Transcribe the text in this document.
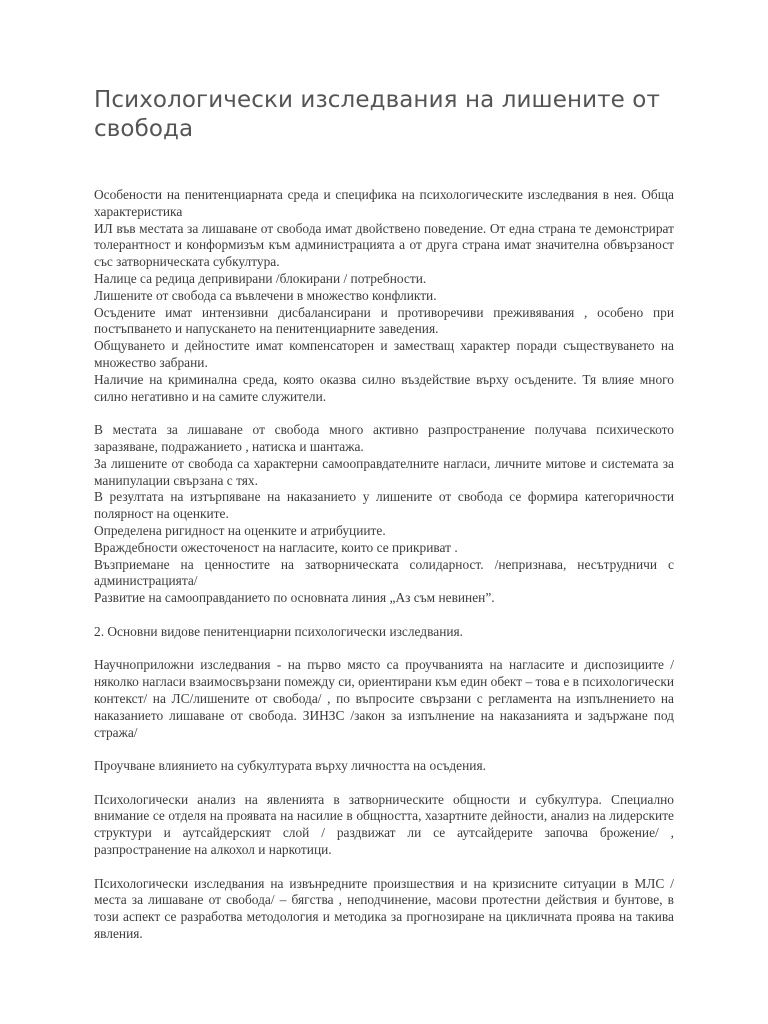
Психологически изследвания на лишените от свобода

Особености на пенитенциарната среда и специфика на психологическите изследвания в нея. Обща характеристика

ИЛ във местата за лишаване от свобода имат двойствено поведение. От една страна те демонстрират толерантност и конформизъм към администрацията а от друга страна имат значителна обвързаност със затворническата субкултура.

Налице са редица депривирани /блокирани / потребности.

Лишените от свобода са въвлечени в множество конфликти.

Осъдените имат интензивни дисбалансирани и противоречиви преживявания , особено при постъпването и напускането на пенитенциарните заведения.

Общуването и дейностите имат компенсаторен и заместващ характер поради съществуването на множество забрани.

Наличие на криминална среда, която оказва силно въздействие върху осъдените. Тя влияе много силно негативно и на самите служители.

В местата за лишаване от свобода много активно разпространение получава психическото заразяване, подражанието , натиска и шантажа.

За лишените от свобода са характерни самооправдателните нагласи, личните митове и системата за манипулации свързана с тях.

В резултата на изтърпяване на наказанието у лишените от свобода се формира категоричности полярност на оценките.

Определена ригидност на оценките и атрибуциите.

Враждебности ожесточеност на нагласите, които се прикриват .

Възприемане на ценностите на затворническата солидарност. /непризнава, несътрудничи с администрацията/

Развитие на самооправданието по основната линия „Аз съм невинен”.

2. Основни видове пенитенциарни психологически изследвания.

Научноприложни изследвания - на първо място са проучванията на нагласите и диспозициите /няколко нагласи взаимосвързани помежду си, ориентирани към един обект – това е в психологически контекст/ на ЛС/лишените от свобода/ , по въпросите свързани с регламента на изпълнението на наказанието лишаване от свобода. ЗИНЗС /закон за изпълнение на наказанията и задържане под стража/

Проучване влиянието на субкултурата върху личността на осъдения.

Психологически анализ на явленията в затворническите общности и субкултура. Специално внимание се отделя на проявата на насилие в общността, хазартните дейности, анализ на лидерските структури и аутсайдерският слой / раздвижат ли се аутсайдерите започва брожение/ , разпространение на алкохол и наркотици.

Психологически изследвания на извънредните произшествия и на кризисните ситуации в МЛС /места за лишаване от свобода/ – бягства , неподчинение, масови протестни действия и бунтове, в този аспект се разработва методология и методика за прогнозиране на цикличната проява на такива явления.
